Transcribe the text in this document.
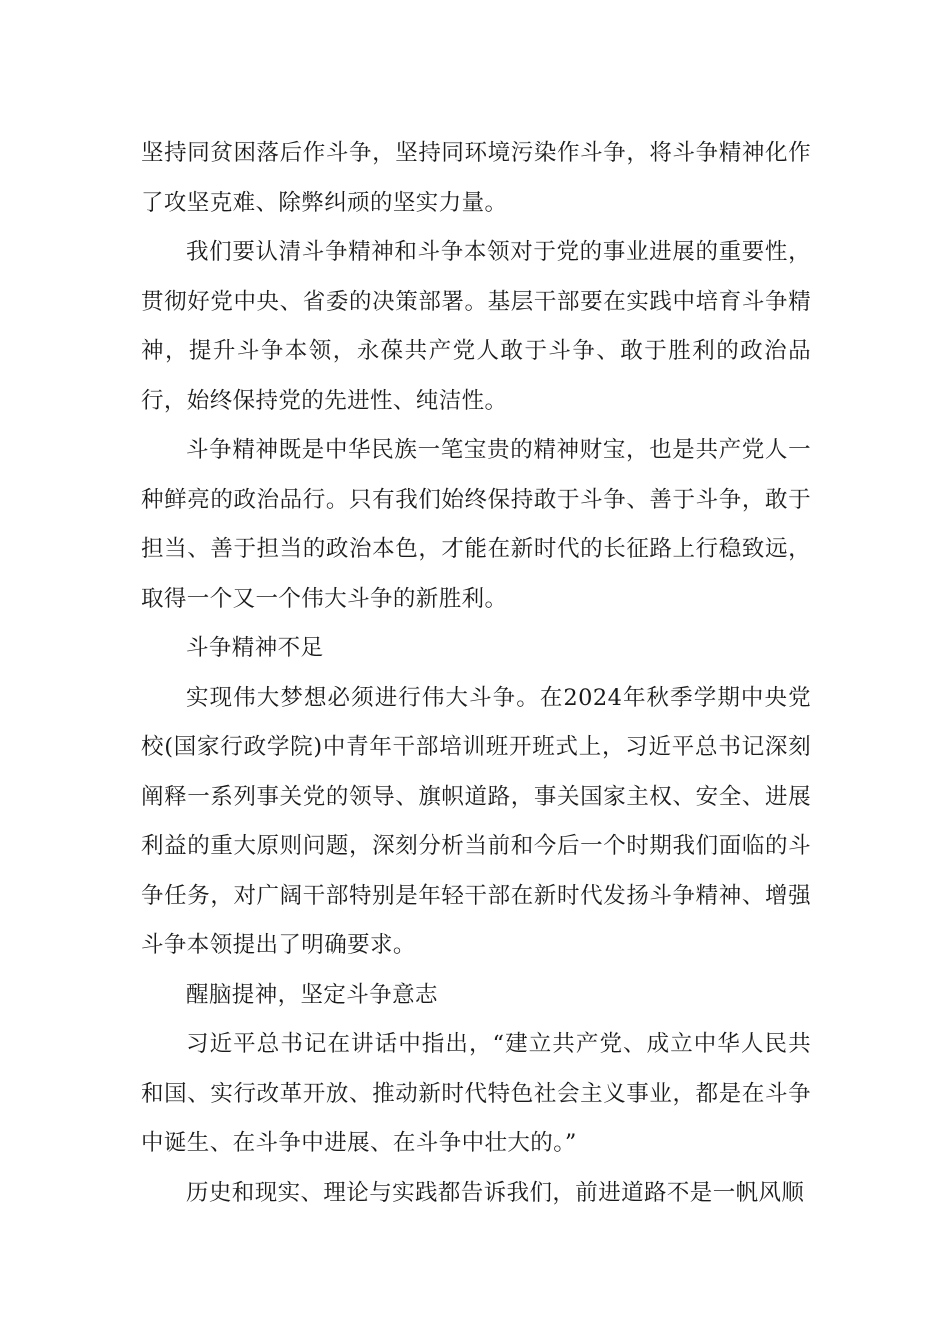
坚持同贫困落后作斗争，坚持同环境污染作斗争，将斗争精神化作了攻坚克难、除弊纠顽的坚实力量。

我们要认清斗争精神和斗争本领对于党的事业进展的重要性，贯彻好党中央、省委的决策部署。基层干部要在实践中培育斗争精神，提升斗争本领，永葆共产党人敢于斗争、敢于胜利的政治品行，始终保持党的先进性、纯洁性。

斗争精神既是中华民族一笔宝贵的精神财宝，也是共产党人一种鲜亮的政治品行。只有我们始终保持敢于斗争、善于斗争，敢于担当、善于担当的政治本色，才能在新时代的长征路上行稳致远，取得一个又一个伟大斗争的新胜利。

斗争精神不足

实现伟大梦想必须进行伟大斗争。在2024年秋季学期中央党校(国家行政学院)中青年干部培训班开班式上，习近平总书记深刻阐释一系列事关党的领导、旗帜道路，事关国家主权、安全、进展利益的重大原则问题，深刻分析当前和今后一个时期我们面临的斗争任务，对广阔干部特别是年轻干部在新时代发扬斗争精神、增强斗争本领提出了明确要求。

醒脑提神，坚定斗争意志

习近平总书记在讲话中指出，“建立共产党、成立中华人民共和国、实行改革开放、推动新时代特色社会主义事业，都是在斗争中诞生、在斗争中进展、在斗争中壮大的。”

历史和现实、理论与实践都告诉我们，前进道路不是一帆风顺
